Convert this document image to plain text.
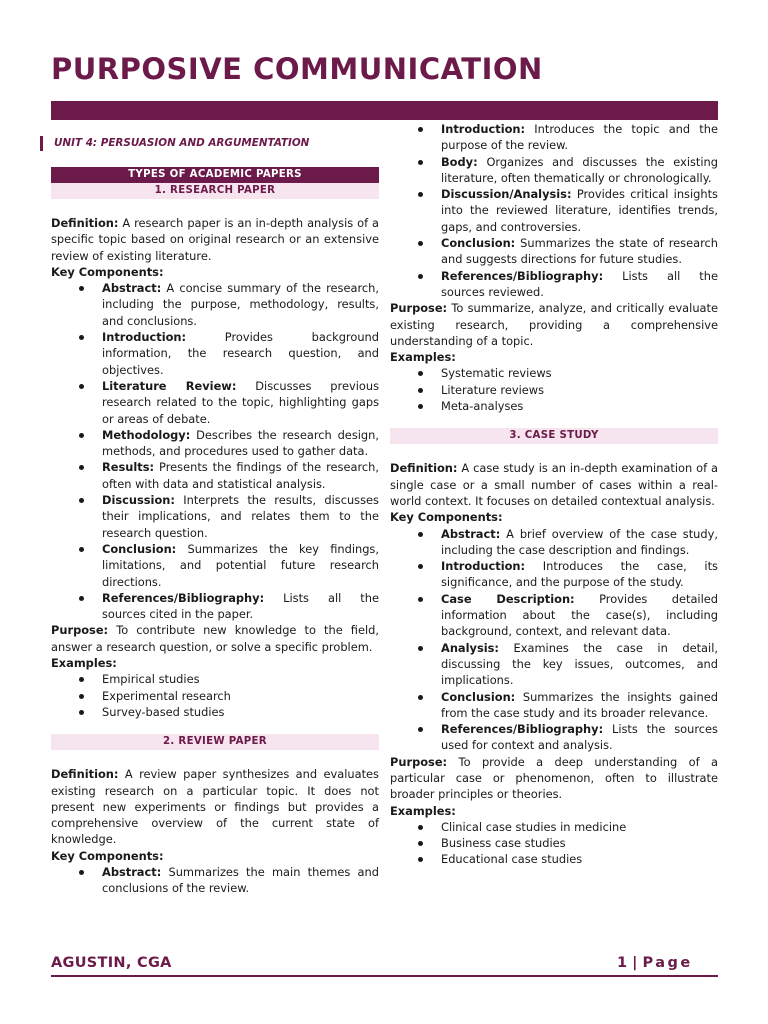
PURPOSIVE COMMUNICATION
UNIT 4: PERSUASION AND ARGUMENTATION
TYPES OF ACADEMIC PAPERS
1. RESEARCH PAPER

Definition: A research paper is an in-depth analysis of a specific topic based on original research or an extensive review of existing literature.

Key Components:

Abstract: A concise summary of the research, including the purpose, methodology, results, and conclusions.
Introduction:	Provides background information, the research question, and objectives.
Literature Review: Discusses previous research related to the topic, highlighting gaps or areas of debate.
Methodology: Describes the research design, methods, and procedures used to gather data.
Results: Presents the findings of the research, often with data and statistical analysis.
Discussion: Interprets the results, discusses their implications, and relates them to the research question.
Conclusion: Summarizes the key findings, limitations, and potential future research directions.
References/Bibliography: Lists all the sources cited in the paper.

Purpose: To contribute new knowledge to the field, answer a research question, or solve a specific problem.

Examples:

Empirical studies
Experimental research
Survey-based studies
2. REVIEW PAPER

Definition: A review paper synthesizes and evaluates existing research on a particular topic. It does not present new experiments or findings but provides a comprehensive overview of the current state of knowledge.

Key Components:

Abstract: Summarizes the main themes and conclusions of the review.
Introduction: Introduces the topic and the purpose of the review.
Body: Organizes and discusses the existing literature, often thematically or chronologically.
Discussion/Analysis: Provides critical insights into the reviewed literature, identifies trends, gaps, and controversies.
Conclusion: Summarizes the state of research and suggests directions for future studies.
References/Bibliography: Lists all the sources reviewed.

Purpose: To summarize, analyze, and critically evaluate existing research, providing a comprehensive understanding of a topic.

Examples:

Systematic reviews
Literature reviews
Meta-analyses
3. CASE STUDY

Definition: A case study is an in-depth examination of a single case or a small number of cases within a real-world context. It focuses on detailed contextual analysis.

Key Components:

Abstract: A brief overview of the case study, including the case description and findings.
Introduction: Introduces the case, its significance, and the purpose of the study.
Case Description: Provides detailed information about the case(s), including background, context, and relevant data.
Analysis: Examines the case in detail, discussing the key issues, outcomes, and implications.
Conclusion: Summarizes the insights gained from the case study and its broader relevance.
References/Bibliography: Lists the sources used for context and analysis.

Purpose: To provide a deep understanding of a particular case or phenomenon, often to illustrate broader principles or theories.

Examples:

Clinical case studies in medicine
Business case studies
Educational case studies
AGUSTIN, CGA	1 | Page
